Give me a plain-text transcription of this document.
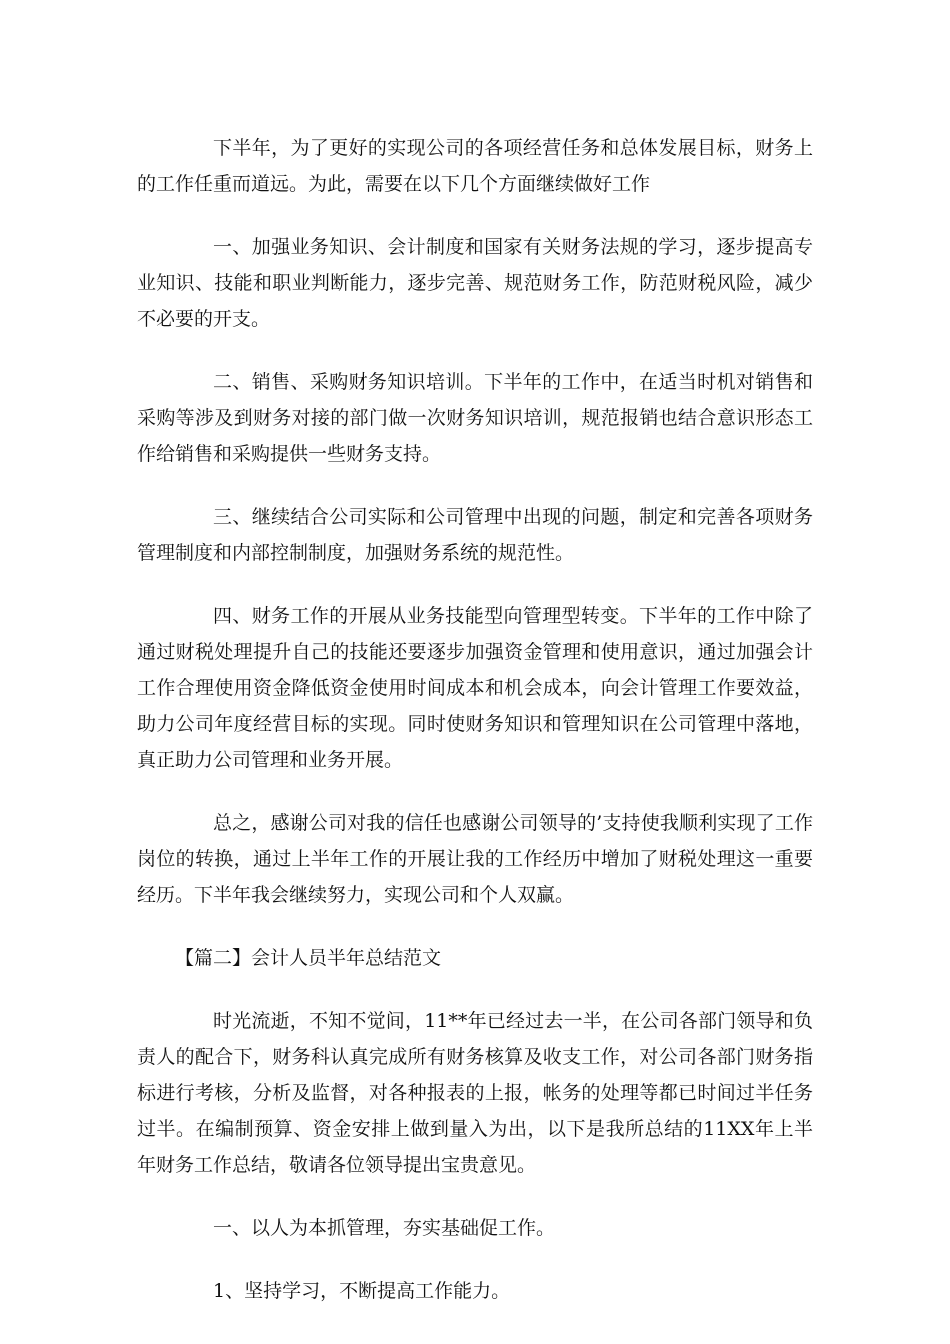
下半年，为了更好的实现公司的各项经营任务和总体发展目标，财务上的工作任重而道远。为此，需要在以下几个方面继续做好工作

一、加强业务知识、会计制度和国家有关财务法规的学习，逐步提高专业知识、技能和职业判断能力，逐步完善、规范财务工作，防范财税风险，减少不必要的开支。

二、销售、采购财务知识培训。下半年的工作中，在适当时机对销售和采购等涉及到财务对接的部门做一次财务知识培训，规范报销也结合意识形态工作给销售和采购提供一些财务支持。

三、继续结合公司实际和公司管理中出现的问题，制定和完善各项财务管理制度和内部控制制度，加强财务系统的规范性。

四、财务工作的开展从业务技能型向管理型转变。下半年的工作中除了通过财税处理提升自己的技能还要逐步加强资金管理和使用意识，通过加强会计工作合理使用资金降低资金使用时间成本和机会成本，向会计管理工作要效益，助力公司年度经营目标的实现。同时使财务知识和管理知识在公司管理中落地，真正助力公司管理和业务开展。

总之，感谢公司对我的信任也感谢公司领导的’支持使我顺利实现了工作岗位的转换，通过上半年工作的开展让我的工作经历中增加了财税处理这一重要经历。下半年我会继续努力，实现公司和个人双赢。

【篇二】会计人员半年总结范文

时光流逝，不知不觉间，11**年已经过去一半，在公司各部门领导和负责人的配合下，财务科认真完成所有财务核算及收支工作，对公司各部门财务指标进行考核，分析及监督，对各种报表的上报，帐务的处理等都已时间过半任务过半。在编制预算、资金安排上做到量入为出，以下是我所总结的11XX年上半年财务工作总结，敬请各位领导提出宝贵意见。

一、以人为本抓管理，夯实基础促工作。

1、坚持学习，不断提高工作能力。
